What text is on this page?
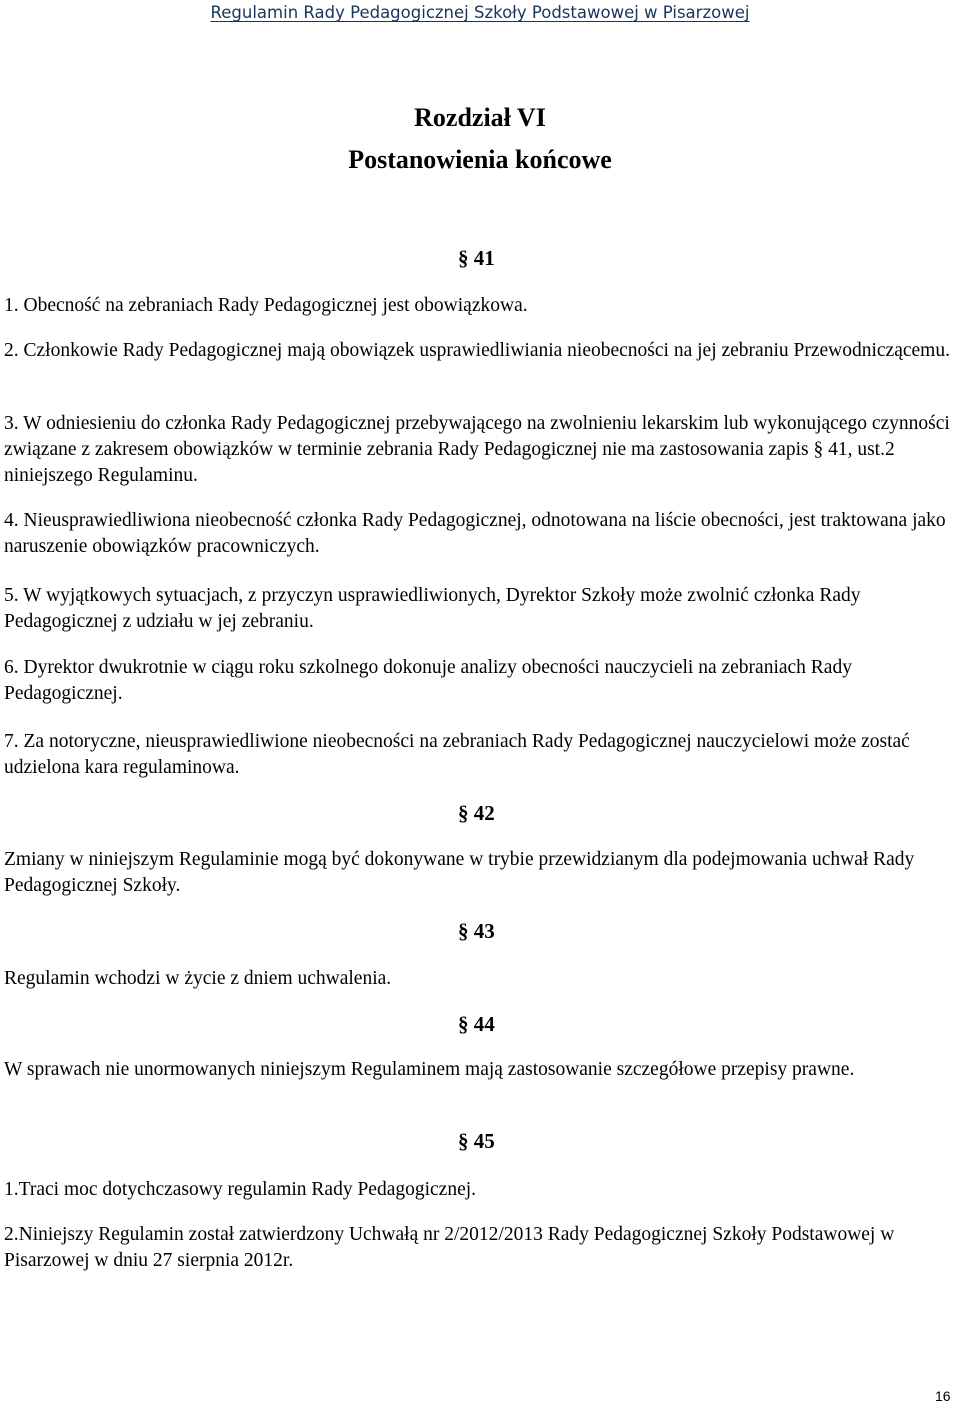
Regulamin Rady Pedagogicznej Szkoły Podstawowej w Pisarzowej
Rozdział VI
Postanowienia końcowe
§ 41
1. Obecność na zebraniach Rady Pedagogicznej jest obowiązkowa.
2. Członkowie Rady Pedagogicznej mają obowiązek usprawiedliwiania nieobecności na jej zebraniu Przewodniczącemu.
3. W odniesieniu do członka Rady Pedagogicznej przebywającego na zwolnieniu lekarskim lub wykonującego czynności związane z zakresem obowiązków w terminie zebrania Rady Pedagogicznej nie ma zastosowania zapis § 41, ust.2 niniejszego Regulaminu.
4. Nieusprawiedliwiona nieobecność członka Rady Pedagogicznej, odnotowana na liście obecności, jest traktowana jako naruszenie obowiązków pracowniczych.
5. W wyjątkowych sytuacjach, z przyczyn usprawiedliwionych, Dyrektor Szkoły może zwolnić członka Rady Pedagogicznej z udziału w jej zebraniu.
6. Dyrektor dwukrotnie w ciągu roku szkolnego dokonuje analizy obecności nauczycieli na zebraniach Rady Pedagogicznej.
7. Za notoryczne, nieusprawiedliwione nieobecności na zebraniach Rady Pedagogicznej nauczycielowi może zostać udzielona kara regulaminowa.
§ 42
Zmiany w niniejszym Regulaminie mogą być dokonywane w trybie przewidzianym dla podejmowania uchwał Rady Pedagogicznej Szkoły.
§ 43
Regulamin wchodzi w życie z dniem uchwalenia.
§ 44
W sprawach nie unormowanych niniejszym Regulaminem mają zastosowanie szczegółowe przepisy prawne.
§ 45
1.Traci moc dotychczasowy regulamin Rady Pedagogicznej.
2.Niniejszy Regulamin został zatwierdzony Uchwałą nr 2/2012/2013 Rady Pedagogicznej Szkoły Podstawowej w Pisarzowej w dniu 27 sierpnia 2012r.
16
